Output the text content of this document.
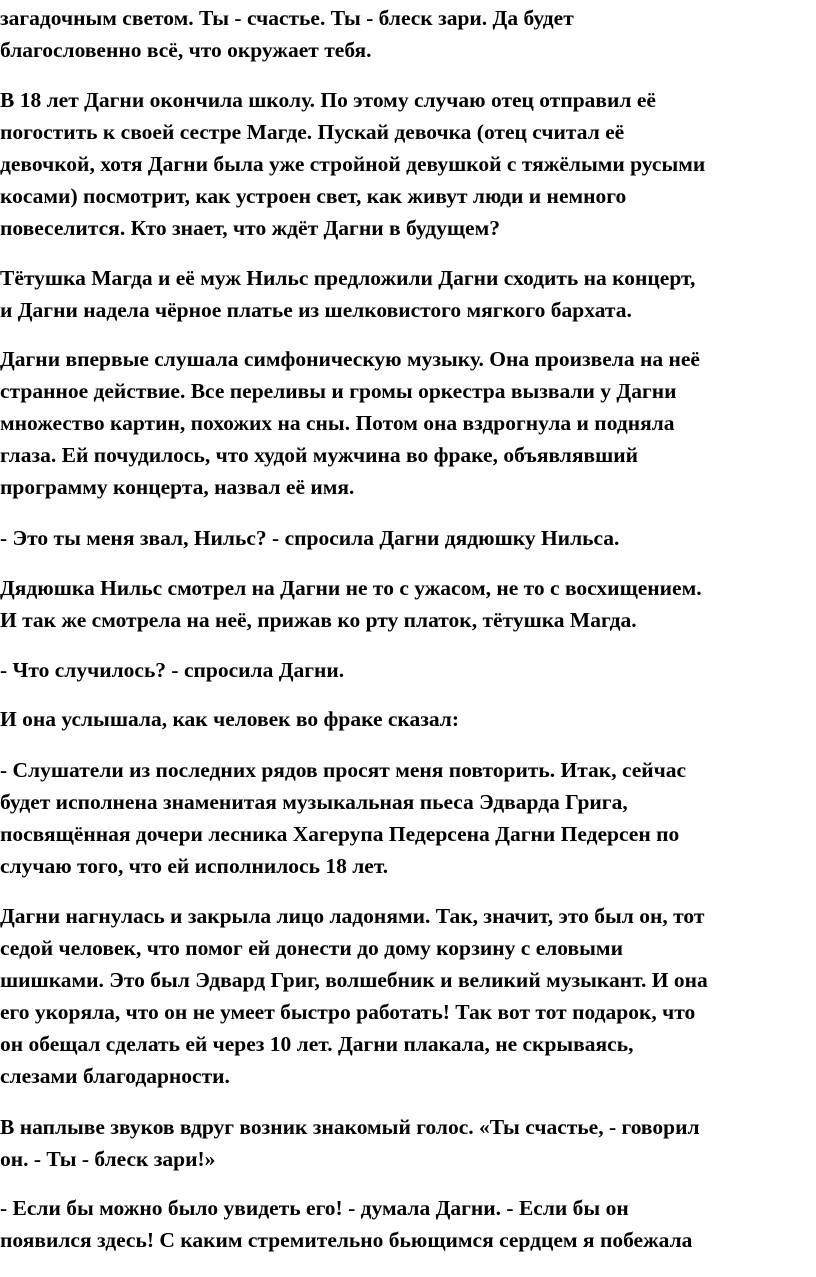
загадочным светом. Ты - счастье. Ты - блеск зари. Да будет
благословенно всё, что окружает тебя.
В 18 лет Дагни окончила школу. По этому случаю отец отправил её
погостить к своей сестре Магде. Пускай девочка (отец считал её
девочкой, хотя Дагни была уже стройной девушкой с тяжёлыми русыми
косами) посмотрит, как устроен свет, как живут люди и немного
повеселится. Кто знает, что ждёт Дагни в будущем?
Тётушка Магда и её муж Нильс предложили Дагни сходить на концерт,
и Дагни надела чёрное платье из шелковистого мягкого бархата.
Дагни впервые слушала симфоническую музыку. Она произвела на неё
странное действие. Все переливы и громы оркестра вызвали у Дагни
множество картин, похожих на сны. Потом она вздрогнула и подняла
глаза. Ей почудилось, что худой мужчина во фраке, объявлявший
программу концерта, назвал её имя.
- Это ты меня звал, Нильс? - спросила Дагни дядюшку Нильса.
Дядюшка Нильс смотрел на Дагни не то с ужасом, не то с восхищением.
И так же смотрела на неё, прижав ко рту платок, тётушка Магда.
- Что случилось? - спросила Дагни.
И она услышала, как человек во фраке сказал:
- Слушатели из последних рядов просят меня повторить. Итак, сейчас
будет исполнена знаменитая музыкальная пьеса Эдварда Грига,
посвящённая дочери лесника Хагерупа Педерсена Дагни Педерсен по
случаю того, что ей исполнилось 18 лет.
Дагни нагнулась и закрыла лицо ладонями. Так, значит, это был он, тот
седой человек, что помог ей донести до дому корзину с еловыми
шишками. Это был Эдвард Григ, волшебник и великий музыкант. И она
его укоряла, что он не умеет быстро работать! Так вот тот подарок, что
он обещал сделать ей через 10 лет. Дагни плакала, не скрываясь,
слезами благодарности.
В наплыве звуков вдруг возник знакомый голос. «Ты счастье, - говорил
он. - Ты - блеск зари!»
- Если бы можно было увидеть его! - думала Дагни. - Если бы он
появился здесь! С каким стремительно бьющимся сердцем я побежала
